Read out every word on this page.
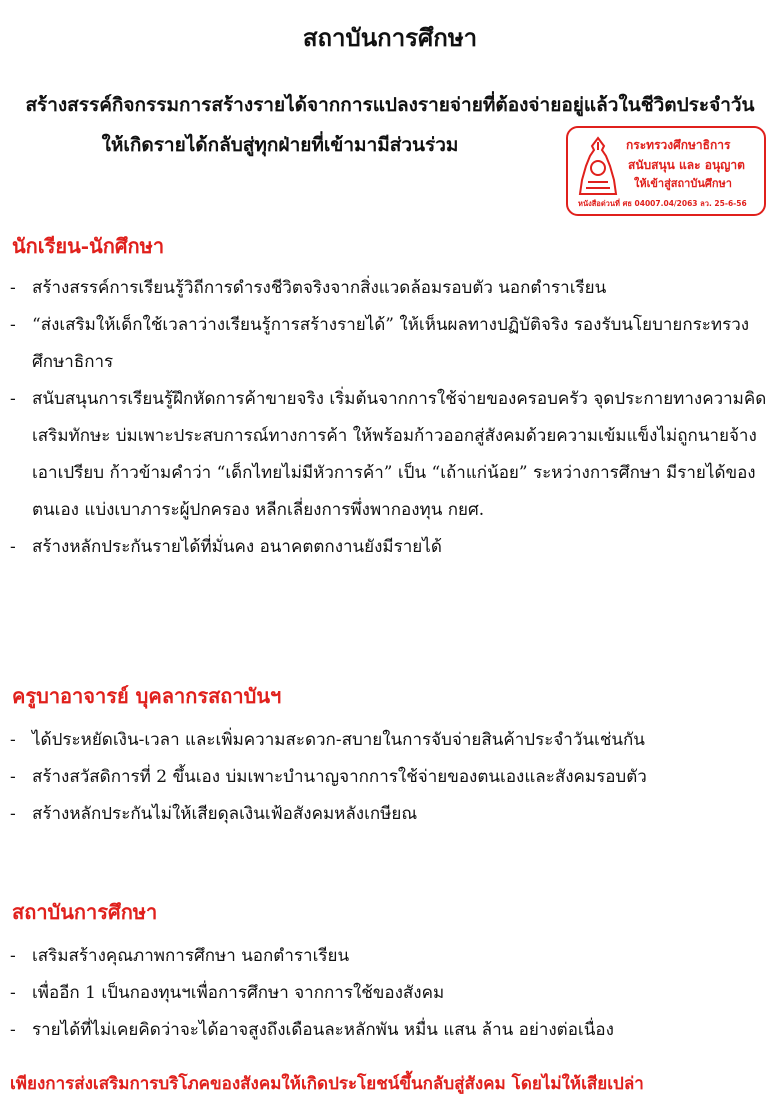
สถาบันการศึกษา
สร้างสรรค์กิจกรรมการสร้างรายได้จากการแปลงรายจ่ายที่ต้องจ่ายอยู่แล้วในชีวิตประจำวัน
ให้เกิดรายได้กลับสู่ทุกฝ่ายที่เข้ามามีส่วนร่วม	กระทรวงศึกษาธิการ
สนับสนุน และ อนุญาต
ให้เข้าสู่สถาบันศึกษา
หนังสือด่วนที่ ศธ 04007.04/2063 ลว. 25-6-56
นักเรียน-นักศึกษา
- สร้างสรรค์การเรียนรู้วิถีการดำรงชีวิตจริงจากสิ่งแวดล้อมรอบตัว นอกตำราเรียน
- “ส่งเสริมให้เด็กใช้เวลาว่างเรียนรู้การสร้างรายได้” ให้เห็นผลทางปฏิบัติจริง รองรับนโยบายกระทรวงศึกษาธิการ
- สนับสนุนการเรียนรู้ฝึกหัดการค้าขายจริง เริ่มต้นจากการใช้จ่ายของครอบครัว จุดประกายทางความคิด เสริมทักษะ บ่มเพาะประสบการณ์ทางการค้า ให้พร้อมก้าวออกสู่สังคมด้วยความเข้มแข็งไม่ถูกนายจ้างเอาเปรียบ ก้าวข้ามคำว่า “เด็กไทยไม่มีหัวการค้า” เป็น “เถ้าแก่น้อย” ระหว่างการศึกษา มีรายได้ของตนเอง แบ่งเบาภาระผู้ปกครอง หลีกเลี่ยงการพึ่งพากองทุน กยศ.
- สร้างหลักประกันรายได้ที่มั่นคง อนาคตตกงานยังมีรายได้
ครูบาอาจารย์ บุคลากรสถาบันฯ
- ได้ประหยัดเงิน-เวลา และเพิ่มความสะดวก-สบายในการจับจ่ายสินค้าประจำวันเช่นกัน
- สร้างสวัสดิการที่ 2 ขึ้นเอง บ่มเพาะบำนาญจากการใช้จ่ายของตนเองและสังคมรอบตัว
- สร้างหลักประกันไม่ให้เสียดุลเงินเฟ้อสังคมหลังเกษียณ
สถาบันการศึกษา
- เสริมสร้างคุณภาพการศึกษา นอกตำราเรียน
- เพื่ออีก 1 เป็นกองทุนฯเพื่อการศึกษา จากการใช้ของสังคม
- รายได้ที่ไม่เคยคิดว่าจะได้อาจสูงถึงเดือนละหลักพัน หมื่น แสน ล้าน อย่างต่อเนื่อง
เพียงการส่งเสริมการบริโภคของสังคมให้เกิดประโยชน์ขึ้นกลับสู่สังคม โดยไม่ให้เสียเปล่า
